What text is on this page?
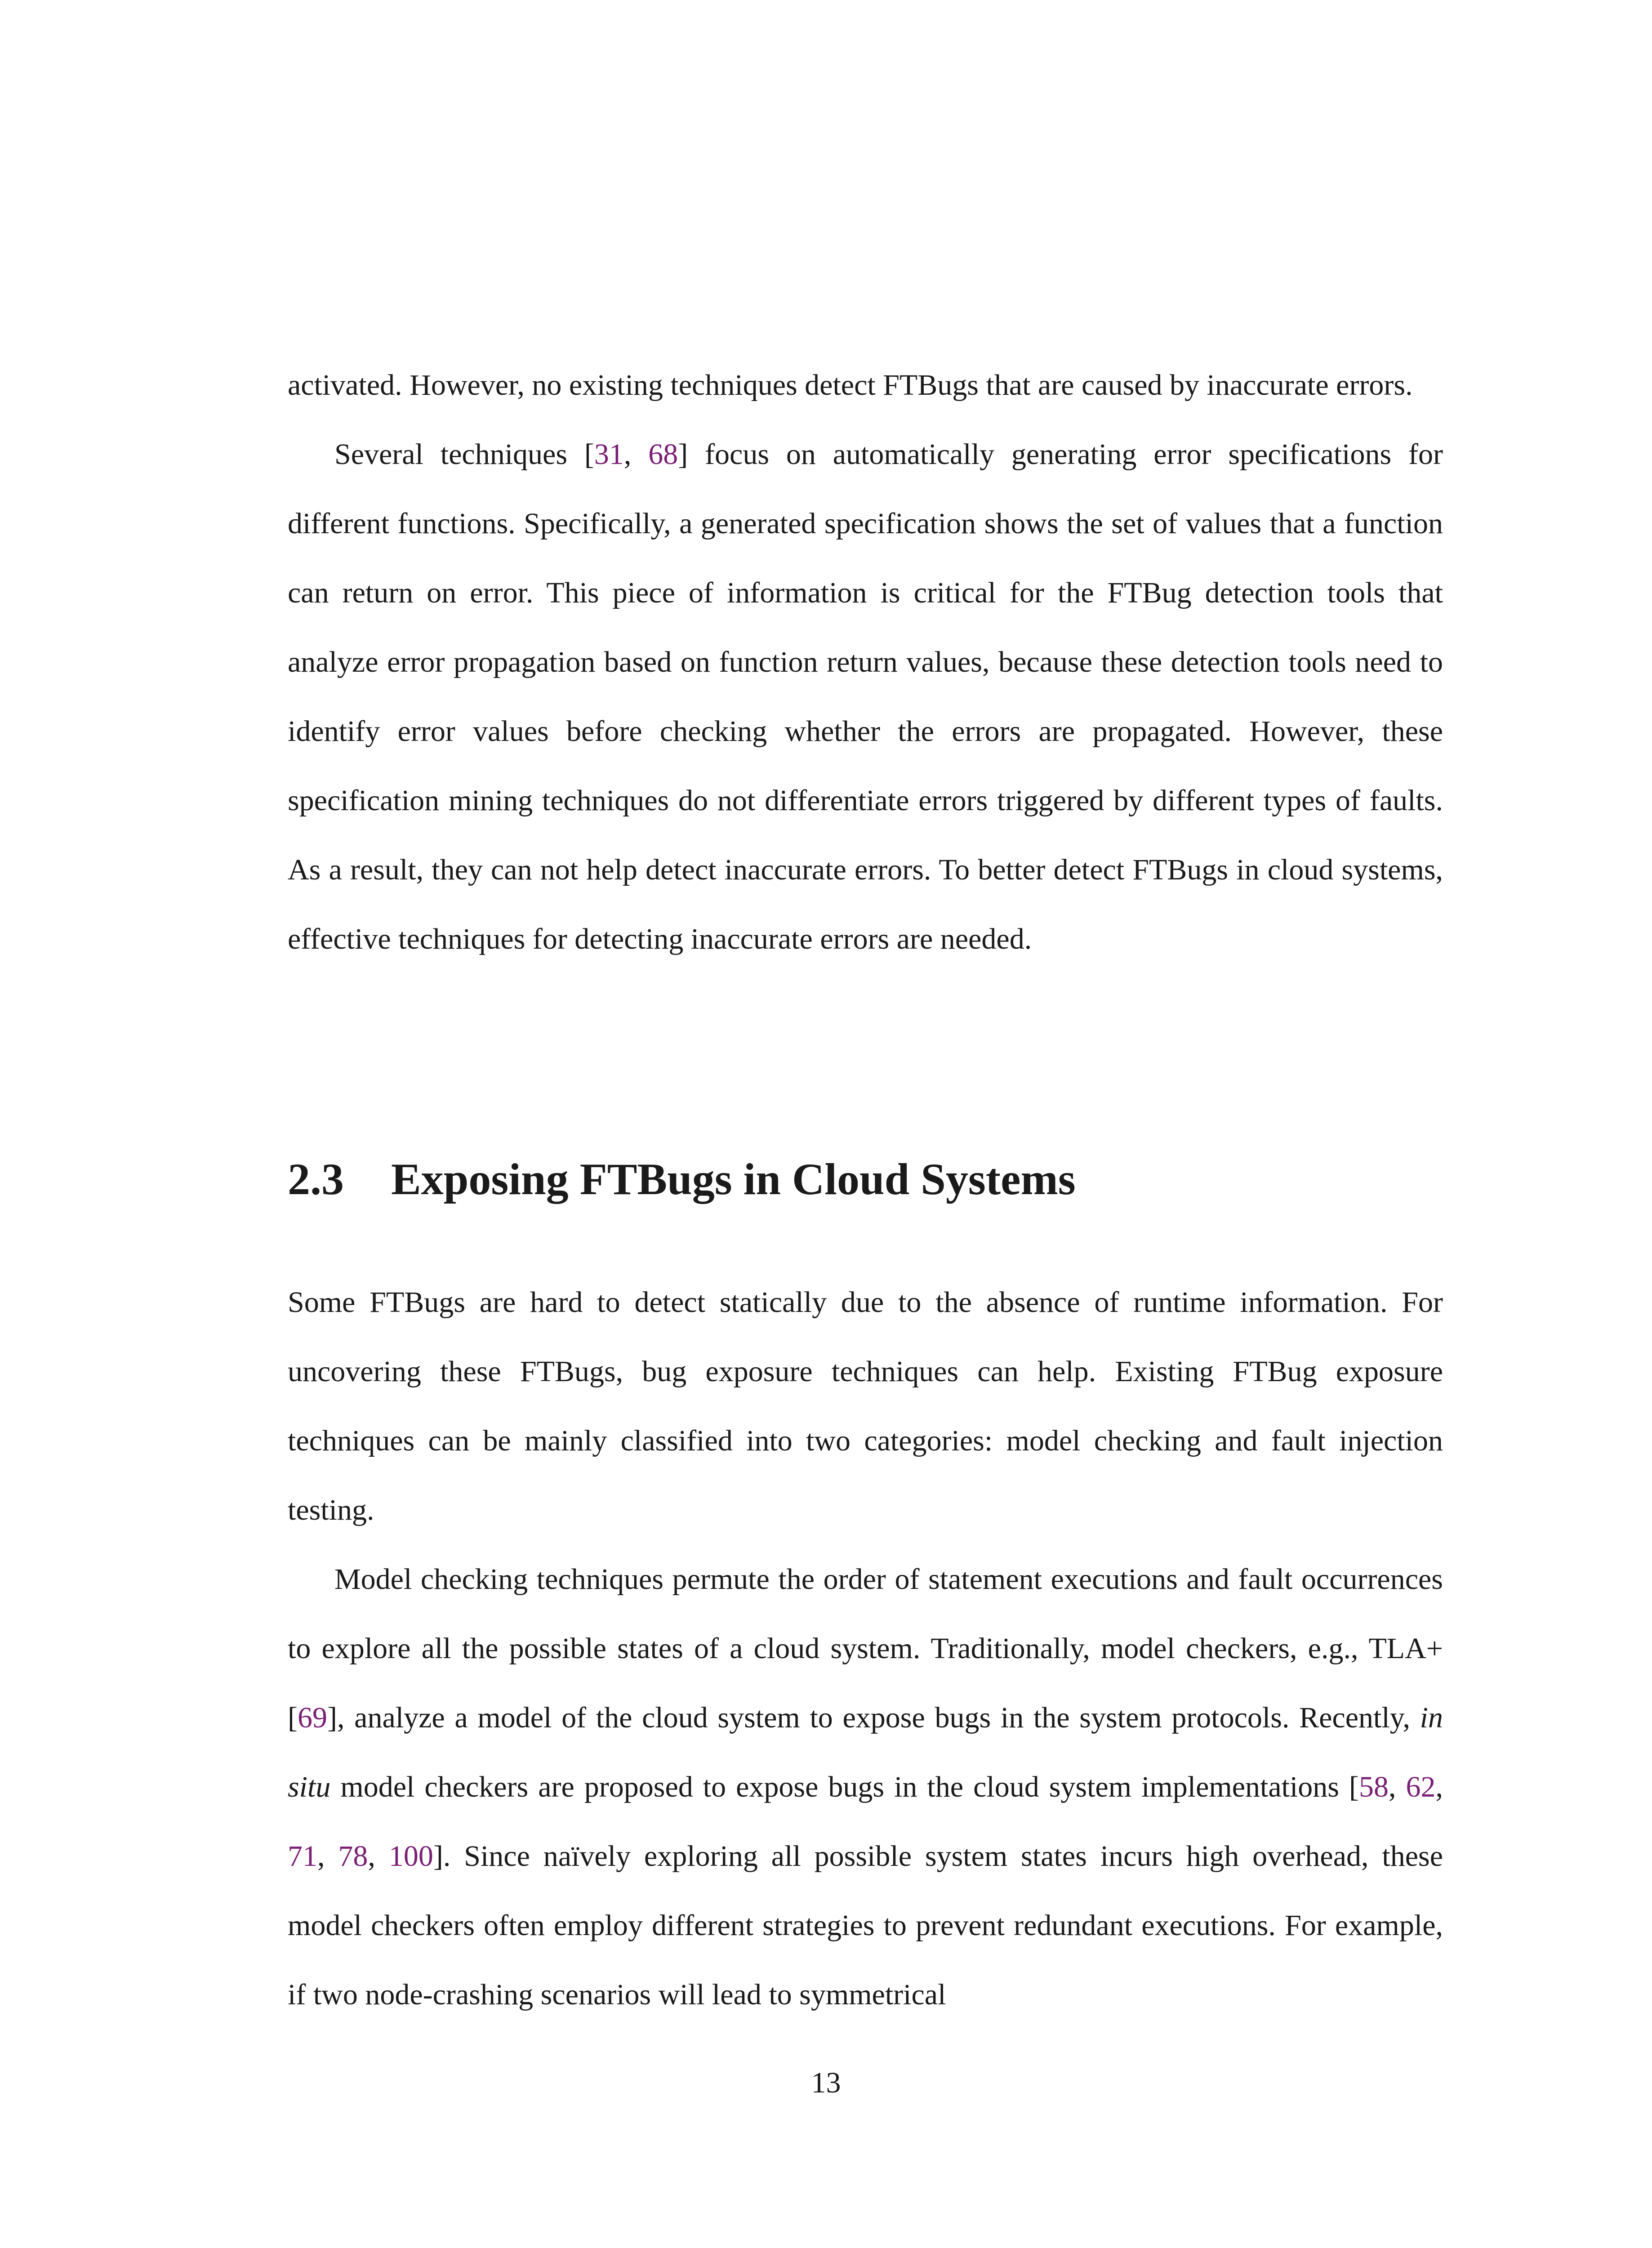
activated. However, no existing techniques detect FTBugs that are caused by inaccurate errors.

Several techniques [31, 68] focus on automatically generating error specifications for different functions. Specifically, a generated specification shows the set of values that a function can return on error. This piece of information is critical for the FTBug detection tools that analyze error propagation based on function return values, because these detection tools need to identify error values before checking whether the errors are propagated. However, these specification mining techniques do not differentiate errors triggered by different types of faults. As a result, they can not help detect inaccurate errors. To better detect FTBugs in cloud systems, effective techniques for detecting inaccurate errors are needed.

2.3 Exposing FTBugs in Cloud Systems

Some FTBugs are hard to detect statically due to the absence of runtime information. For uncovering these FTBugs, bug exposure techniques can help. Existing FTBug exposure techniques can be mainly classified into two categories: model checking and fault injection testing.

Model checking techniques permute the order of statement executions and fault occurrences to explore all the possible states of a cloud system. Traditionally, model checkers, e.g., TLA+ [69], analyze a model of the cloud system to expose bugs in the system protocols. Recently, in situ model checkers are proposed to expose bugs in the cloud system implementations [58, 62, 71, 78, 100]. Since naïvely exploring all possible system states incurs high overhead, these model checkers often employ different strategies to prevent redundant executions. For example, if two node-crashing scenarios will lead to symmetrical

13
